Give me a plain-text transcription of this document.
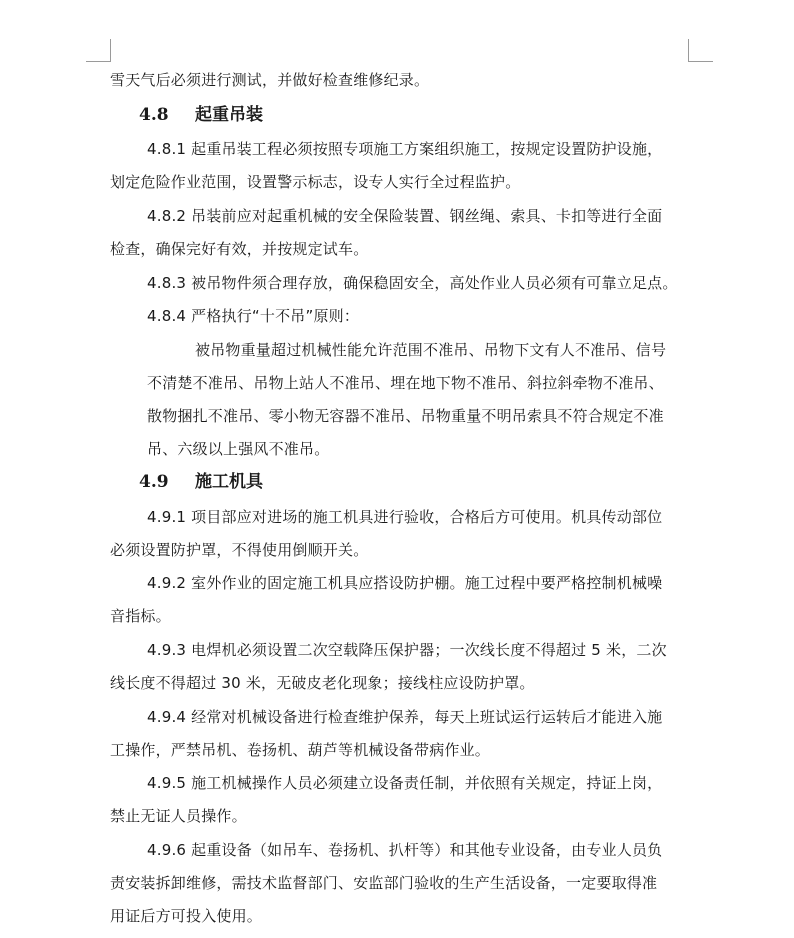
雪天气后必须进行测试，并做好检查维修纪录。
4.8 起重吊装
4.8.1 起重吊装工程必须按照专项施工方案组织施工，按规定设置防护设施，
划定危险作业范围，设置警示标志，设专人实行全过程监护。
4.8.2 吊装前应对起重机械的安全保险装置、钢丝绳、索具、卡扣等进行全面
检查，确保完好有效，并按规定试车。
4.8.3 被吊物件须合理存放，确保稳固安全，高处作业人员必须有可靠立足点。
4.8.4 严格执行“十不吊”原则：
被吊物重量超过机械性能允许范围不准吊、吊物下文有人不准吊、信号
不清楚不准吊、吊物上站人不准吊、埋在地下物不准吊、斜拉斜牵物不准吊、
散物捆扎不准吊、零小物无容器不准吊、吊物重量不明吊索具不符合规定不准
吊、六级以上强风不准吊。
4.9 施工机具
4.9.1 项目部应对进场的施工机具进行验收，合格后方可使用。机具传动部位
必须设置防护罩，不得使用倒顺开关。
4.9.2 室外作业的固定施工机具应搭设防护棚。施工过程中要严格控制机械噪
音指标。
4.9.3 电焊机必须设置二次空载降压保护器；一次线长度不得超过 5 米，二次
线长度不得超过 30 米，无破皮老化现象；接线柱应设防护罩。
4.9.4 经常对机械设备进行检查维护保养，每天上班试运行运转后才能进入施
工操作，严禁吊机、卷扬机、葫芦等机械设备带病作业。
4.9.5 施工机械操作人员必须建立设备责任制，并依照有关规定，持证上岗，
禁止无证人员操作。
4.9.6 起重设备（如吊车、卷扬机、扒杆等）和其他专业设备，由专业人员负
责安装拆卸维修，需技术监督部门、安监部门验收的生产生活设备，一定要取得准
用证后方可投入使用。
